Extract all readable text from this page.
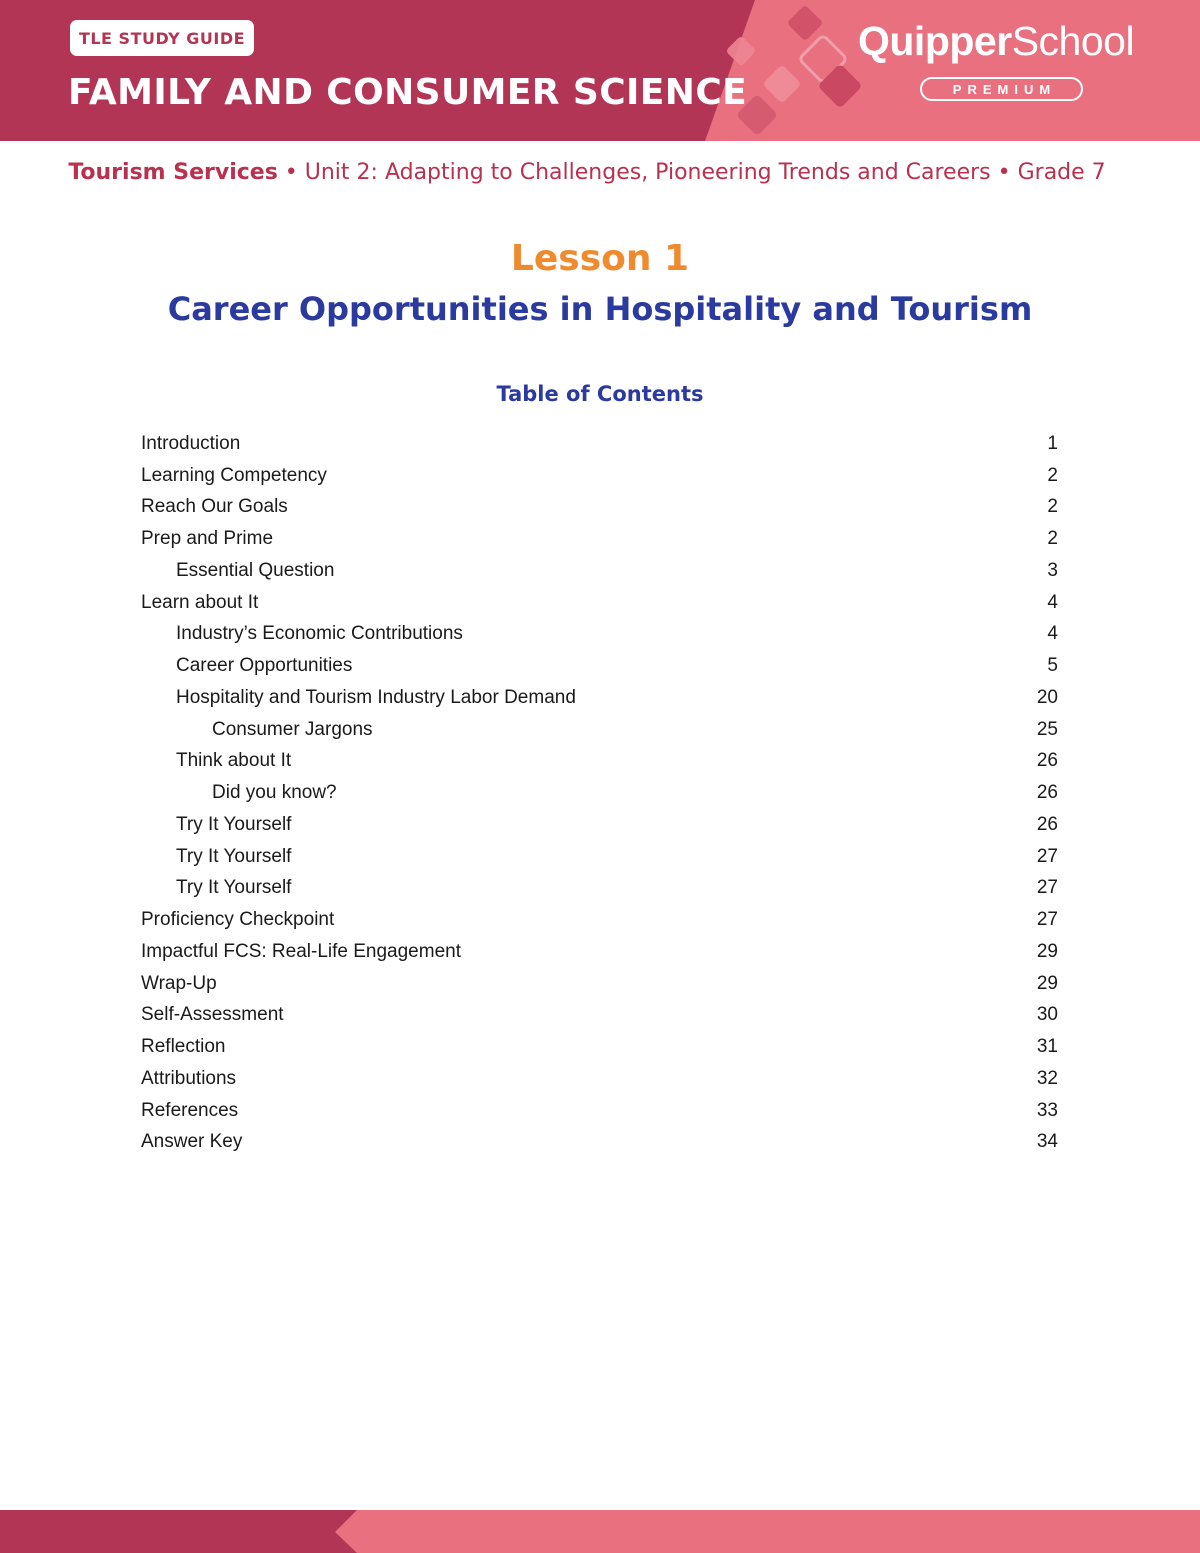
TLE STUDY GUIDE
FAMILY AND CONSUMER SCIENCE
QuipperSchool
PREMIUM
Tourism Services • Unit 2: Adapting to Challenges, Pioneering Trends and Careers • Grade 7
Lesson 1
Career Opportunities in Hospitality and Tourism
Table of Contents
Introduction	1
Learning Competency	2
Reach Our Goals	2
Prep and Prime	2
Essential Question	3
Learn about It	4
Industry’s Economic Contributions	4
Career Opportunities	5
Hospitality and Tourism Industry Labor Demand	20
Consumer Jargons	25
Think about It	26
Did you know?	26
Try It Yourself	26
Try It Yourself	27
Try It Yourself	27
Proficiency Checkpoint	27
Impactful FCS: Real-Life Engagement	29
Wrap-Up	29
Self-Assessment	30
Reflection	31
Attributions	32
References	33
Answer Key	34
